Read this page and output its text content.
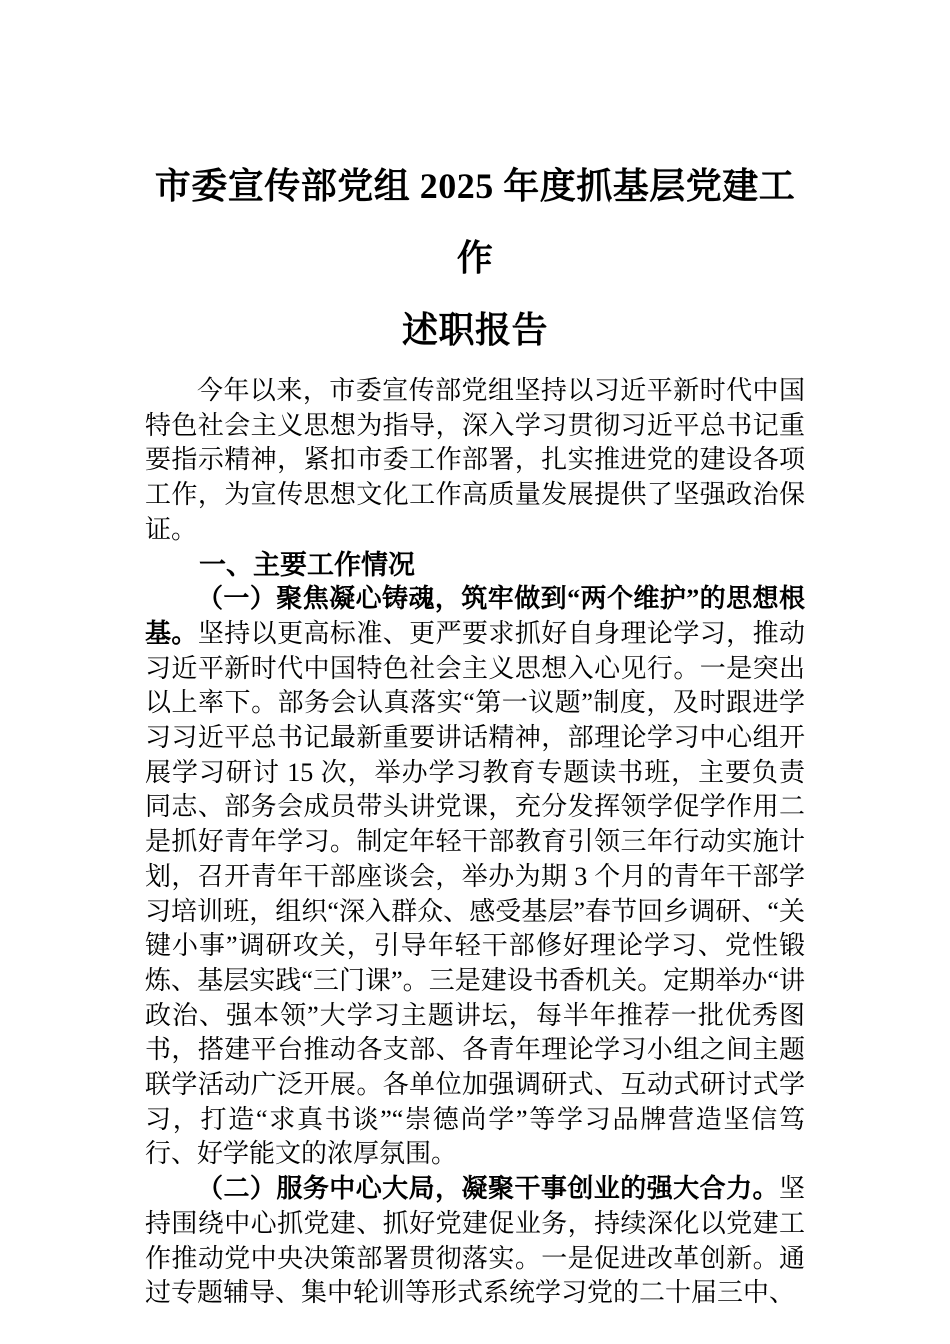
市委宣传部党组 2025 年度抓基层党建工作
述职报告

今年以来，市委宣传部党组坚持以习近平新时代中国特色社会主义思想为指导，深入学习贯彻习近平总书记重要指示精神，紧扣市委工作部署，扎实推进党的建设各项工作，为宣传思想文化工作高质量发展提供了坚强政治保证。

一、主要工作情况

（一）聚焦凝心铸魂，筑牢做到“两个维护”的思想根基。坚持以更高标准、更严要求抓好自身理论学习，推动习近平新时代中国特色社会主义思想入心见行。一是突出以上率下。部务会认真落实“第一议题”制度，及时跟进学习习近平总书记最新重要讲话精神，部理论学习中心组开展学习研讨 15 次，举办学习教育专题读书班，主要负责同志、部务会成员带头讲党课，充分发挥领学促学作用二是抓好青年学习。制定年轻干部教育引领三年行动实施计划，召开青年干部座谈会，举办为期 3 个月的青年干部学习培训班，组织“深入群众、感受基层”春节回乡调研、“关键小事”调研攻关，引导年轻干部修好理论学习、党性锻炼、基层实践“三门课”。三是建设书香机关。定期举办“讲政治、强本领”大学习主题讲坛，每半年推荐一批优秀图书，搭建平台推动各支部、各青年理论学习小组之间主题联学活动广泛开展。各单位加强调研式、互动式研讨式学习，打造“求真书谈”“崇德尚学”等学习品牌营造坚信笃行、好学能文的浓厚氛围。

（二）服务中心大局，凝聚干事创业的强大合力。坚持围绕中心抓党建、抓好党建促业务，持续深化以党建工作推动党中央决策部署贯彻落实。一是促进改革创新。通过专题辅导、集中轮训等形式系统学习党的二十届三中、
